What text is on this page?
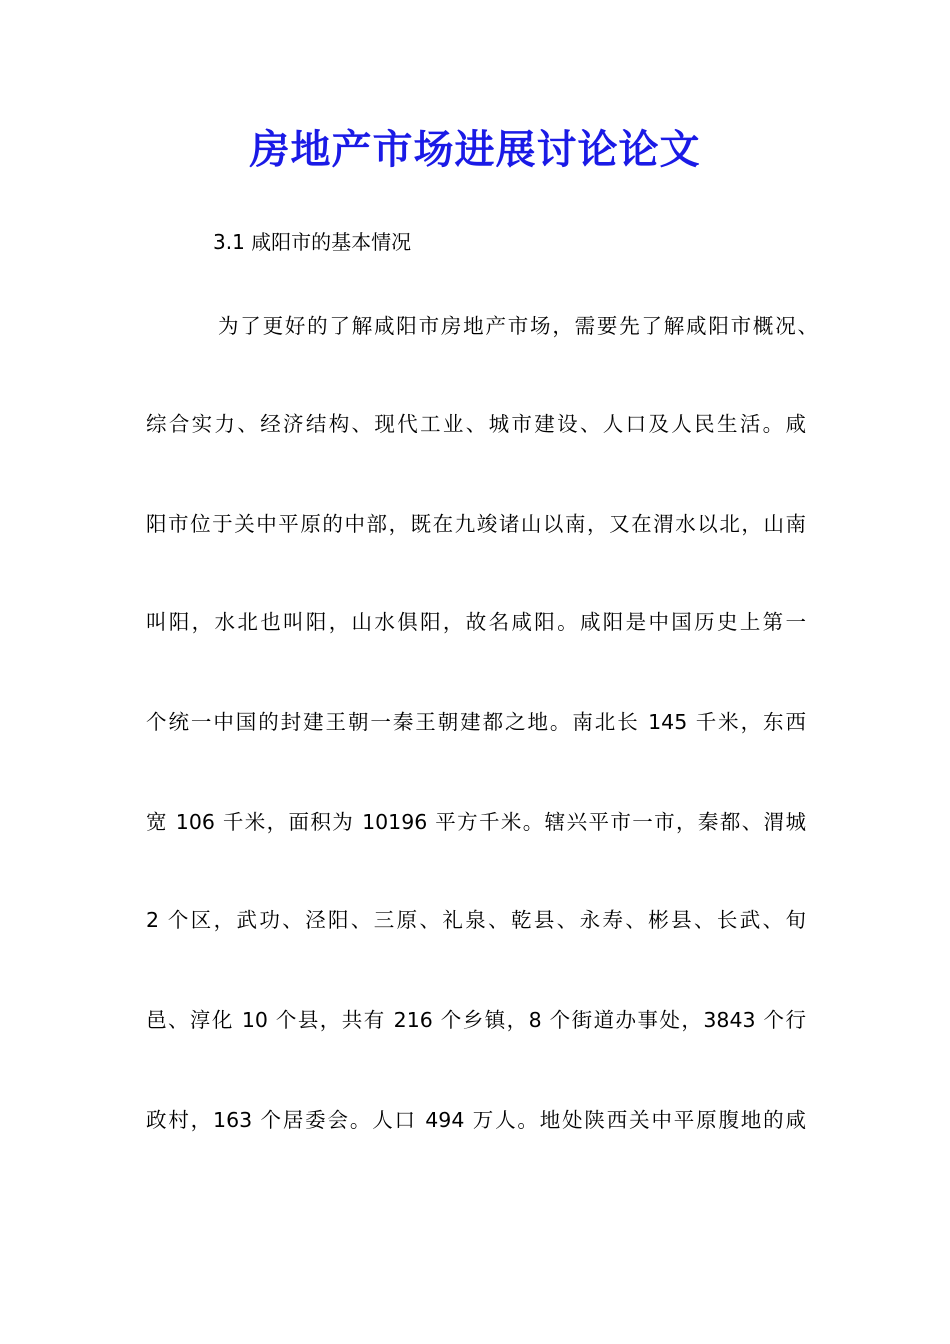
房地产市场进展讨论论文

3.1 咸阳市的基本情况

为了更好的了解咸阳市房地产市场，需要先了解咸阳市概况、

综合实力、经济结构、现代工业、城市建设、人口及人民生活。咸

阳市位于关中平原的中部，既在九竣诸山以南，又在渭水以北，山南

叫阳，水北也叫阳，山水俱阳，故名咸阳。咸阳是中国历史上第一

个统一中国的封建王朝一秦王朝建都之地。南北长 145 千米，东西

宽 106 千米，面积为 10196 平方千米。辖兴平市一市，秦都、渭城

2 个区，武功、泾阳、三原、礼泉、乾县、永寿、彬县、长武、旬

邑、淳化 10 个县，共有 216 个乡镇，8 个街道办事处，3843 个行

政村，163 个居委会。人口 494 万人。地处陕西关中平原腹地的咸
